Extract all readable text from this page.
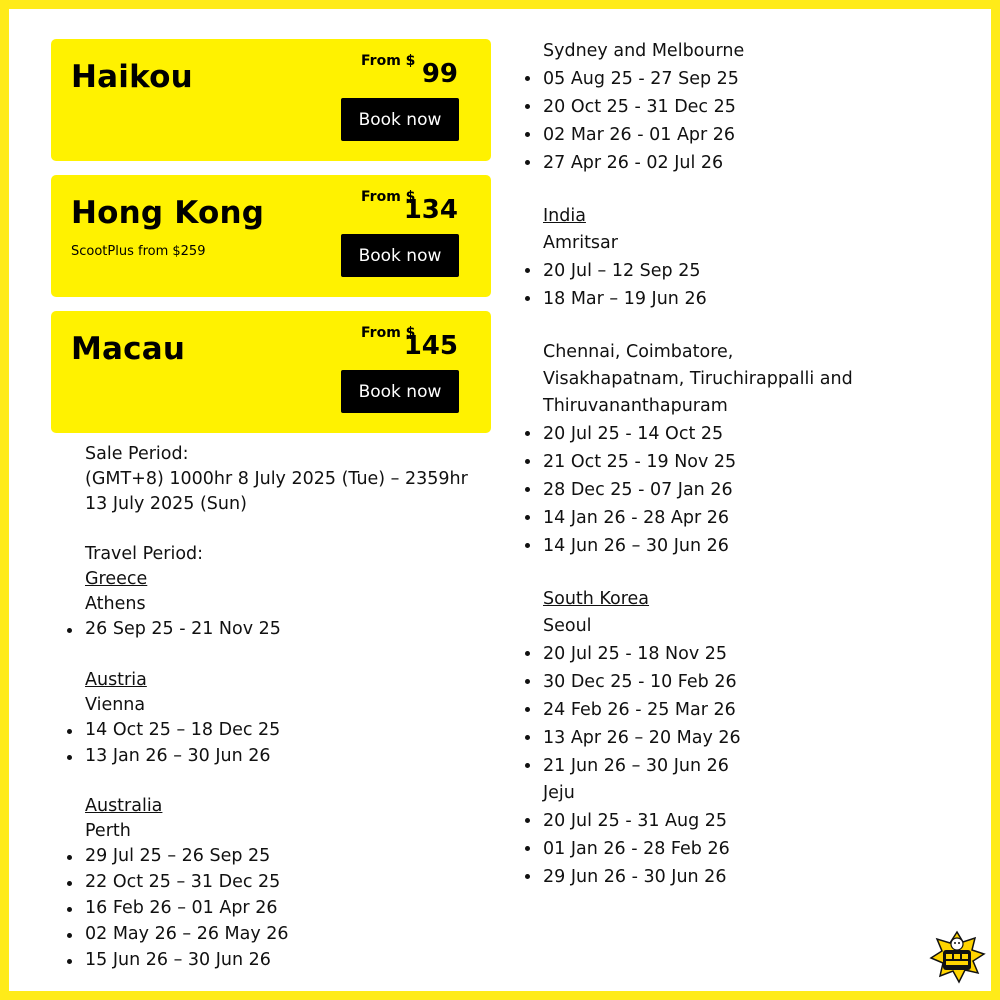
Haikou	From $ 99
Book now
Hong Kong
ScootPlus from $259
From $
134
Book now
Macau	From $
145
Book now
Sale Period:
(GMT+8) 1000hr 8 July 2025 (Tue) – 2359hr 13 July 2025 (Sun)
Travel Period:
Greece
Athens
26 Sep 25 - 21 Nov 25
Austria
Vienna
14 Oct 25 – 18 Dec 25
13 Jan 26 – 30 Jun 26
Australia
Perth
29 Jul 25 – 26 Sep 25
22 Oct 25 – 31 Dec 25
16 Feb 26 – 01 Apr 26
02 May 26 – 26 May 26
15 Jun 26 – 30 Jun 26
Sydney and Melbourne
05 Aug 25 - 27 Sep 25
20 Oct 25 - 31 Dec 25
02 Mar 26 - 01 Apr 26
27 Apr 26 - 02 Jul 26
India
Amritsar
20 Jul – 12 Sep 25
18 Mar – 19 Jun 26
Chennai, Coimbatore,
Visakhapatnam, Tiruchirappalli and
Thiruvananthapuram
20 Jul 25 - 14 Oct 25
21 Oct 25 - 19 Nov 25
28 Dec 25 - 07 Jan 26
14 Jan 26 - 28 Apr 26
14 Jun 26 – 30 Jun 26
South Korea
Seoul
20 Jul 25 - 18 Nov 25
30 Dec 25 - 10 Feb 26
24 Feb 26 - 25 Mar 26
13 Apr 26 – 20 May 26
21 Jun 26 – 30 Jun 26
Jeju
20 Jul 25 - 31 Aug 25
01 Jan 26 - 28 Feb 26
29 Jun 26 - 30 Jun 26
